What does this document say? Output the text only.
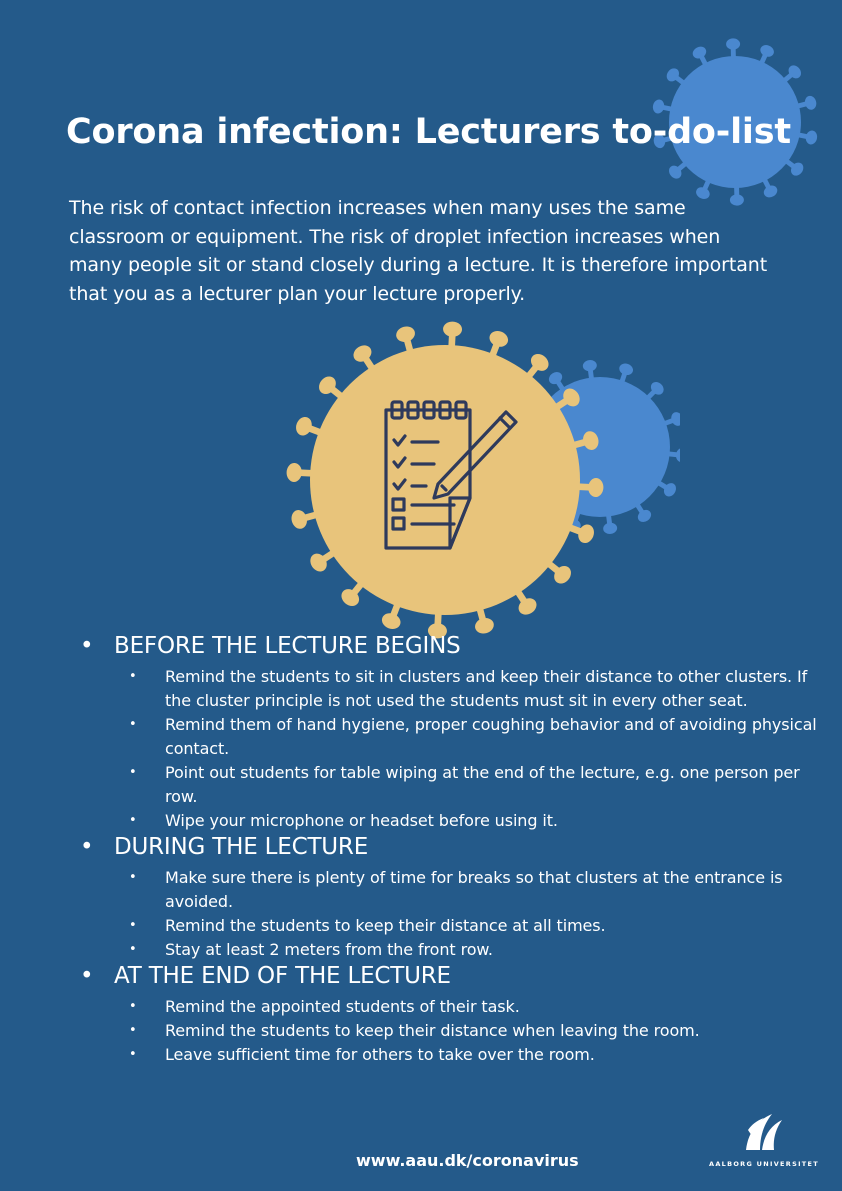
Corona infection: Lecturers to-do-list

The risk of contact infection increases when many uses the same classroom or equipment. The risk of droplet infection increases when many people sit or stand closely during a lecture. It is therefore important that you as a lecturer plan your lecture properly.

• BEFORE THE LECTURE BEGINS
• Remind the students to sit in clusters and keep their distance to other clusters. If the cluster principle is not used the students must sit in every other seat.
• Remind them of hand hygiene, proper coughing behavior and of avoiding physical contact.
• Point out students for table wiping at the end of the lecture, e.g. one person per row.
• Wipe your microphone or headset before using it.
• DURING THE LECTURE
• Make sure there is plenty of time for breaks so that clusters at the entrance is avoided.
• Remind the students to keep their distance at all times.
• Stay at least 2 meters from the front row.
• AT THE END OF THE LECTURE
• Remind the appointed students of their task.
• Remind the students to keep their distance when leaving the room.
• Leave sufficient time for others to take over the room.
www.aau.dk/coronavirus	AALBORG UNIVERSITET
